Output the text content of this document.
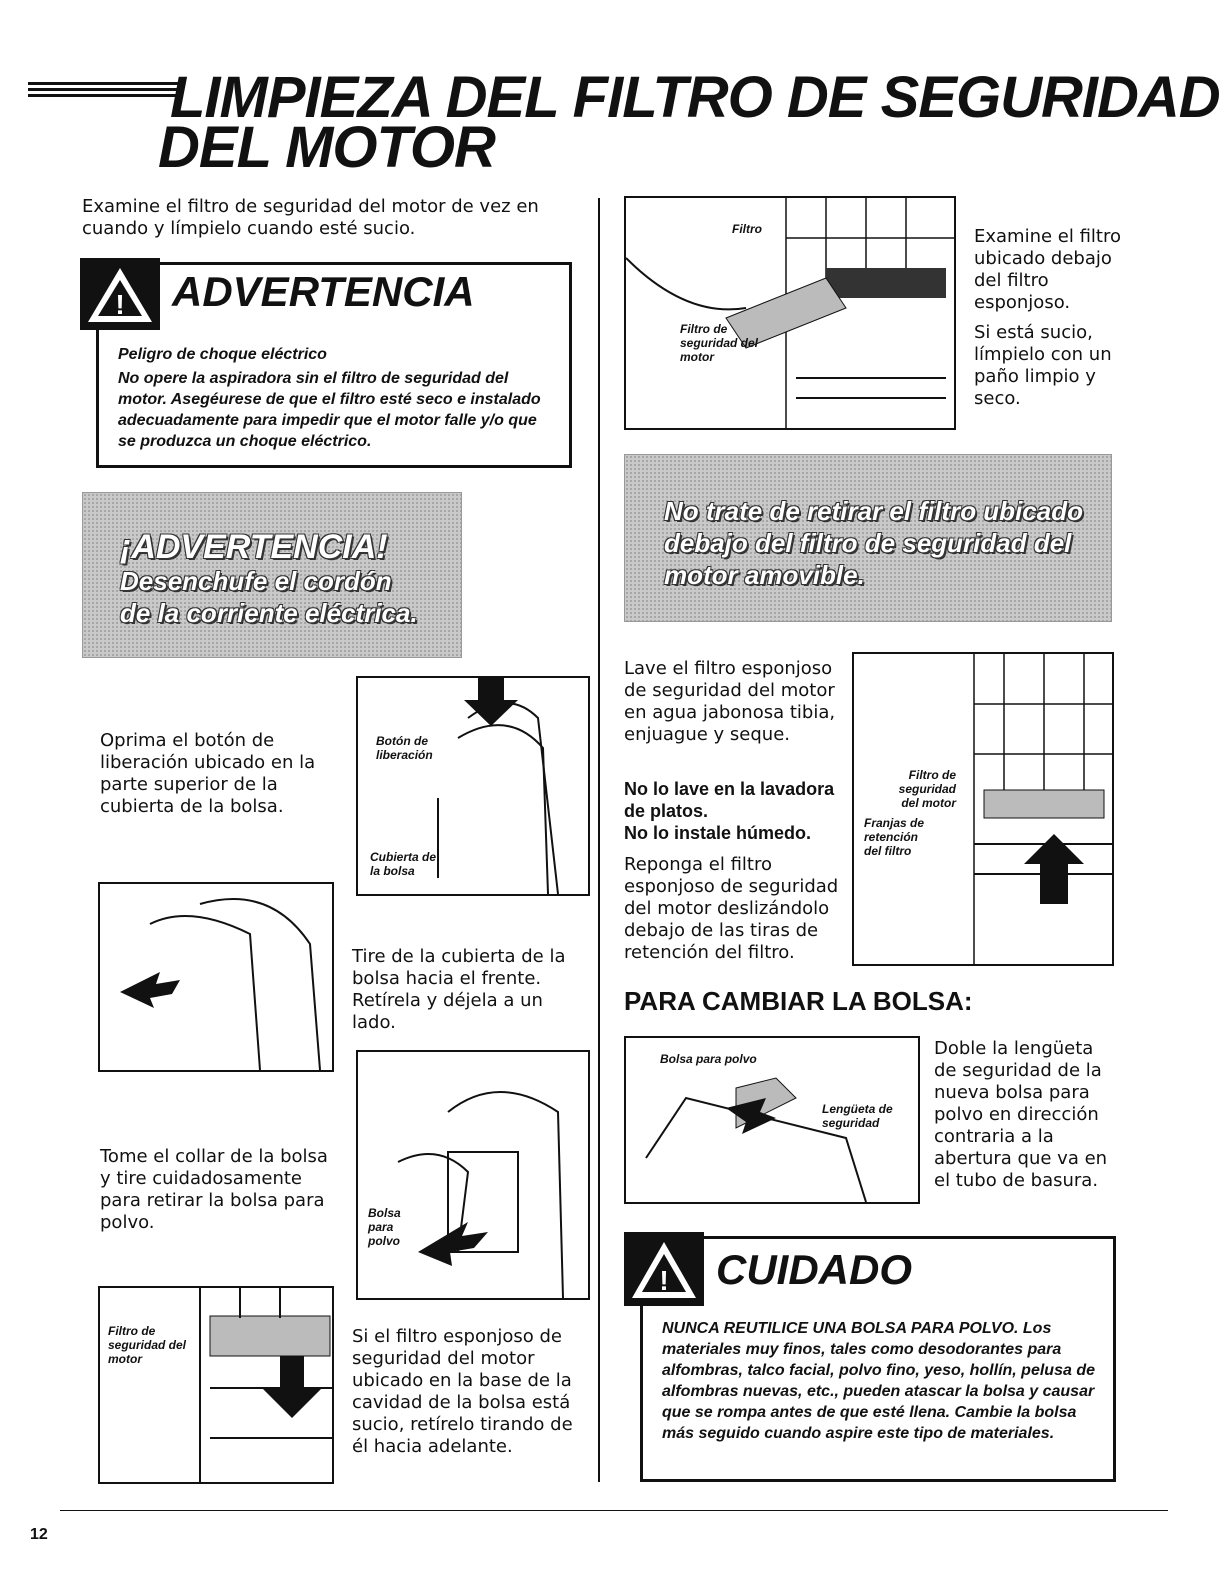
LIMPIEZA DEL FILTRO DE SEGURIDAD
DEL MOTOR
Examine el filtro de seguridad del motor de vez en cuando y límpielo cuando esté sucio.
! ADVERTENCIA
Peligro de choque eléctrico
No opere la aspiradora sin el filtro de seguridad del motor. Asegéurese de que el filtro esté seco e instalado adecuadamente para impedir que el motor falle y/o que se produzca un choque eléctrico.
¡ADVERTENCIA!
Desenchufe el cordón
de la corriente eléctrica.
Oprima el botón de liberación ubicado en la parte superior de la cubierta de la bolsa.
Botón de liberación
Cubierta de la bolsa
Tire de la cubierta de la bolsa hacia el frente. Retírela y déjela a un lado.
Tome el collar de la bolsa y tire cuidadosamente para retirar la bolsa para polvo.	Bolsa para polvo
Filtro de seguridad del motor
Si el filtro esponjoso de seguridad del motor ubicado en la base de la cavidad de la bolsa está sucio, retírelo tirando de él hacia adelante.
Filtro
Filtro de seguridad del motor
Examine el filtro ubicado debajo del filtro esponjoso.
Si está sucio, límpielo con un paño limpio y seco.
No trate de retirar el filtro ubicado
debajo del filtro de seguridad del
motor amovible.
Lave el filtro esponjoso de seguridad del motor en agua jabonosa tibia, enjuague y seque.
No lo lave en la lavadora de platos.
No lo instale húmedo.
Reponga el filtro esponjoso de seguridad del motor deslizándolo debajo de las tiras de retención del filtro.
Filtro de seguridad del motor
Franjas de retención del filtro
PARA CAMBIAR LA BOLSA:
Bolsa para polvo
Lengüeta de seguridad
Doble la lengüeta de seguridad de la nueva bolsa para polvo en dirección contraria a la abertura que va en el tubo de basura.
! CUIDADO
NUNCA REUTILICE UNA BOLSA PARA POLVO. Los materiales muy finos, tales como desodorantes para alfombras, talco facial, polvo fino, yeso, hollín, pelusa de alfombras nuevas, etc., pueden atascar la bolsa y causar que se rompa antes de que esté llena. Cambie la bolsa más seguido cuando aspire este tipo de materiales.
12
